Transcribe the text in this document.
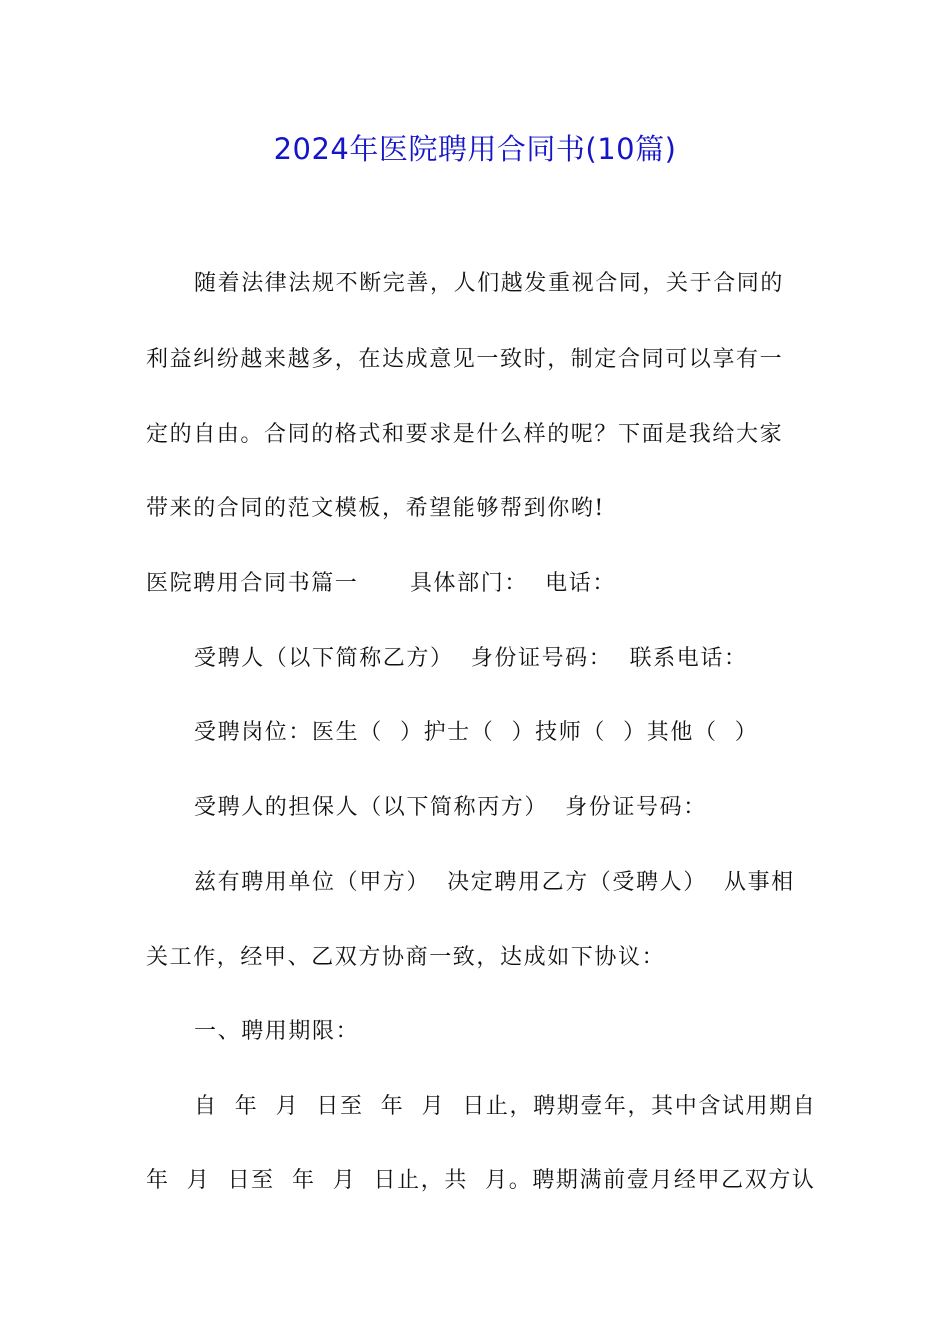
2024年医院聘用合同书(10篇)
随着法律法规不断完善，人们越发重视合同，关于合同的
利益纠纷越来越多，在达成意见一致时，制定合同可以享有一
定的自由。合同的格式和要求是什么样的呢？下面是我给大家
带来的合同的范文模板，希望能够帮到你哟!
医院聘用合同书篇一      具体部门：  电话：
受聘人（以下简称乙方）  身份证号码：  联系电话：
受聘岗位：医生（  ）护士（  ）技师（  ）其他（  ）
受聘人的担保人（以下简称丙方）  身份证号码：
兹有聘用单位（甲方）  决定聘用乙方（受聘人）  从事相
关工作，经甲、乙双方协商一致，达成如下协议：
一、聘用期限：
自  年  月  日至  年  月  日止，聘期壹年，其中含试用期自
年  月  日至  年  月  日止，共  月。聘期满前壹月经甲乙双方认
